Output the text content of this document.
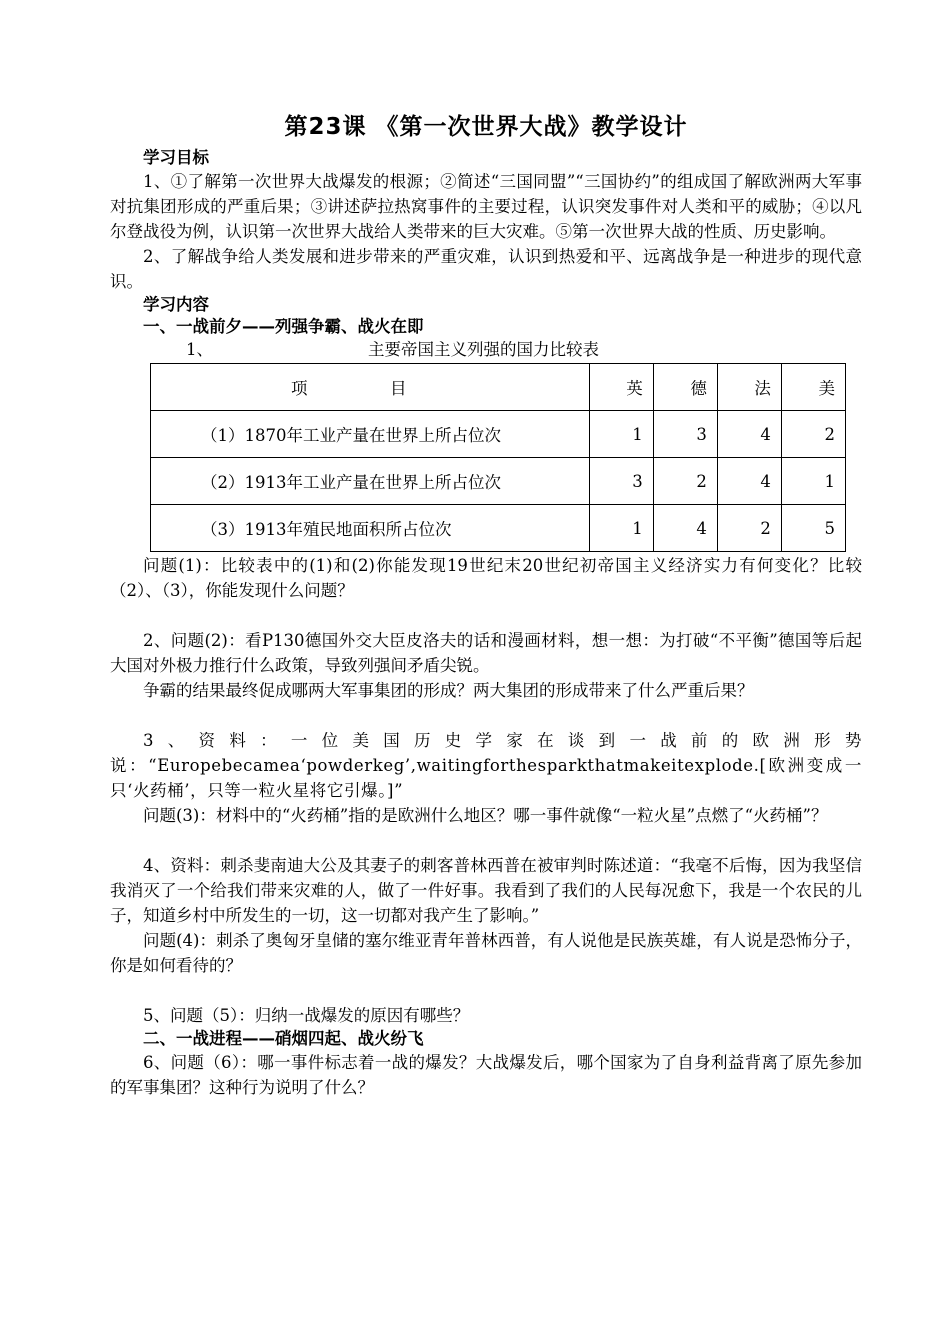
第23课 《第一次世界大战》教学设计
学习目标

1、①了解第一次世界大战爆发的根源；②简述“三国同盟”“三国协约”的组成国了解欧洲两大军事对抗集团形成的严重后果；③讲述萨拉热窝事件的主要过程，认识突发事件对人类和平的威胁；④以凡尔登战役为例，认识第一次世界大战给人类带来的巨大灾难。⑤第一次世界大战的性质、历史影响。

2、了解战争给人类发展和进步带来的严重灾难，认识到热爱和平、远离战争是一种进步的现代意识。

学习内容
一、一战前夕——列强争霸、战火在即
1、	主要帝国主义列强的国力比较表
项　　　　　目	英	德	法	美
（1）1870年工业产量在世界上所占位次	1	3	4	2
（2）1913年工业产量在世界上所占位次	3	2	4	1
（3）1913年殖民地面积所占位次	1	4	2	5

问题(1)：比较表中的(1)和(2)你能发现19世纪末20世纪初帝国主义经济实力有何变化？比较（2）、（3），你能发现什么问题？

2、问题(2)：看P130德国外交大臣皮洛夫的话和漫画材料，想一想：为打破“不平衡”德国等后起大国对外极力推行什么政策，导致列强间矛盾尖锐。

争霸的结果最终促成哪两大军事集团的形成？两大集团的形成带来了什么严重后果？

3、资料：一位美国历史学家在谈到一战前的欧洲形势说：“Europebecamea‘powderkeg’,waitingforthesparkthatmakeitexplode.[欧洲变成一只‘火药桶’，只等一粒火星将它引爆。]”

问题(3)：材料中的“火药桶”指的是欧洲什么地区？哪一事件就像“一粒火星”点燃了“火药桶”？

4、资料：刺杀斐南迪大公及其妻子的刺客普林西普在被审判时陈述道：“我毫不后悔，因为我坚信我消灭了一个给我们带来灾难的人，做了一件好事。我看到了我们的人民每况愈下，我是一个农民的儿子，知道乡村中所发生的一切，这一切都对我产生了影响。”

问题(4)：刺杀了奥匈牙皇储的塞尔维亚青年普林西普，有人说他是民族英雄，有人说是恐怖分子，你是如何看待的？

5、问题（5）：归纳一战爆发的原因有哪些？

二、一战进程——硝烟四起、战火纷飞

6、问题（6）：哪一事件标志着一战的爆发？大战爆发后，哪个国家为了自身利益背离了原先参加的军事集团？这种行为说明了什么？
